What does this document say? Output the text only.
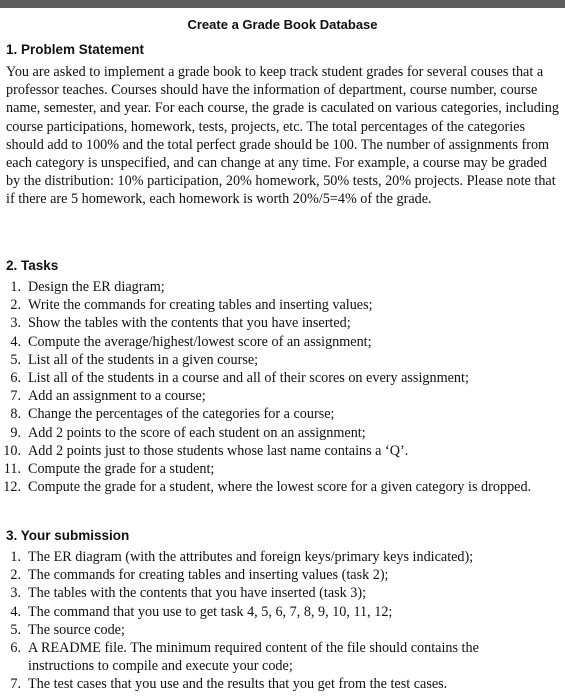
Create a Grade Book Database
1. Problem Statement

You are asked to implement a grade book to keep track student grades for several couses that a professor teaches. Courses should have the information of department, course number, course name, semester, and year. For each course, the grade is caculated on various categories, including course participations, homework, tests, projects, etc. The total percentages of the categories should add to 100% and the total perfect grade should be 100. The number of assignments from each category is unspecified, and can change at any time. For example, a course may be graded by the distribution: 10% participation, 20% homework, 50% tests, 20% projects. Please note that if there are 5 homework, each homework is worth 20%/5=4% of the grade.

2. Tasks
1. Design the ER diagram;
2. Write the commands for creating tables and inserting values;
3. Show the tables with the contents that you have inserted;
4. Compute the average/highest/lowest score of an assignment;
5. List all of the students in a given course;
6. List all of the students in a course and all of their scores on every assignment;
7. Add an assignment to a course;
8. Change the percentages of the categories for a course;
9. Add 2 points to the score of each student on an assignment;
10. Add 2 points just to those students whose last name contains a ‘Q’.
11. Compute the grade for a student;
12. Compute the grade for a student, where the lowest score for a given category is dropped.
3. Your submission
1. The ER diagram (with the attributes and foreign keys/primary keys indicated);
2. The commands for creating tables and inserting values (task 2);
3. The tables with the contents that you have inserted (task 3);
4. The command that you use to get task 4, 5, 6, 7, 8, 9, 10, 11, 12;
5. The source code;
6. A README file. The minimum required content of the file should contains the instructions to compile and execute your code;
7. The test cases that you use and the results that you get from the test cases.
